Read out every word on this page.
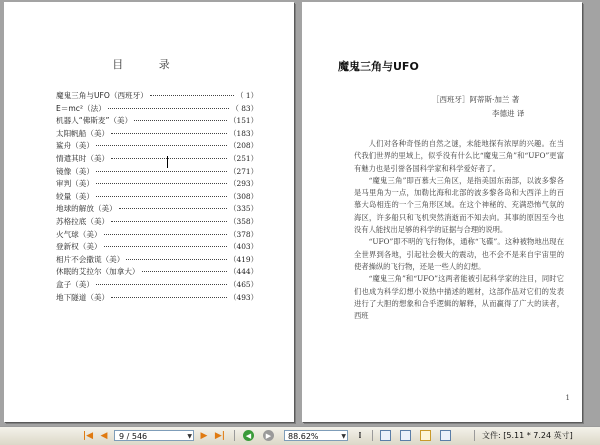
目 录
魔鬼三角与UFO（西班牙）	（ 1）
E＝mc²（法）	（ 83）
机器人“佛斯麦”（美）	（151）
太阳帆船（美）	（183）
鲨舟（美）	（208）
情遣其时（美）	（251）
镜像（美）	（271）
审判（美）	（293）
较量（美）	（308）
地球的解放（美）	（335）
苏格拉底（美）	（358）
火气球（美）	（378）
登新权（美）	（403）
相片不会撒谎（美）	（419）
休眠的艾拉尔（加拿大）	（444）
盒子（美）	（465）
地下隧道（美）	（493）
魔鬼三角与UFO
［西班牙］阿蒂斯·加兰 著
李德进 译

人们对各种奇怪的自然之谜，未能地探有浓厚的兴趣。在当代我们世界的里域上，似乎没有什么比“魔鬼三角”和“UFO”更富有魅力也是引誉各国科学家和科学爱好者了。

“魔鬼三角”即百慕大三角区，是指美国东南部，以波多黎各是马里角为一点，加勒比海和北部的波多黎各岛和大西洋上的百慕大岛相连的一个三角形区域。在这个神秘的、充满恐怖气氛的海区，许多船只和飞机突然消逝而不知去向。其事的原因至今也没有人能找出足够的科学的证据与合理的说明。

“UFO”即不明的飞行物体，通称“飞碟”。这种被物地出现在全世界到各地，引起社会极大的震动，也不会不是来自宇宙里的使者操纵的飞行物，还是一些人的幻想。

“魔鬼三角”和“UFO”这两者能被引起科学家的注目，同时它们也成为科学幻想小说热中描述的题材，这部作品对它们的发表进行了大胆的想象和合乎逻辑的解释，从而赢得了广大的读者，西班

1
|◀ ◀	9 / 546	▼ ▶ ▶|	◀	▶	88.62%	▼	⁞	文件: [5.11 * 7.24 英寸]
